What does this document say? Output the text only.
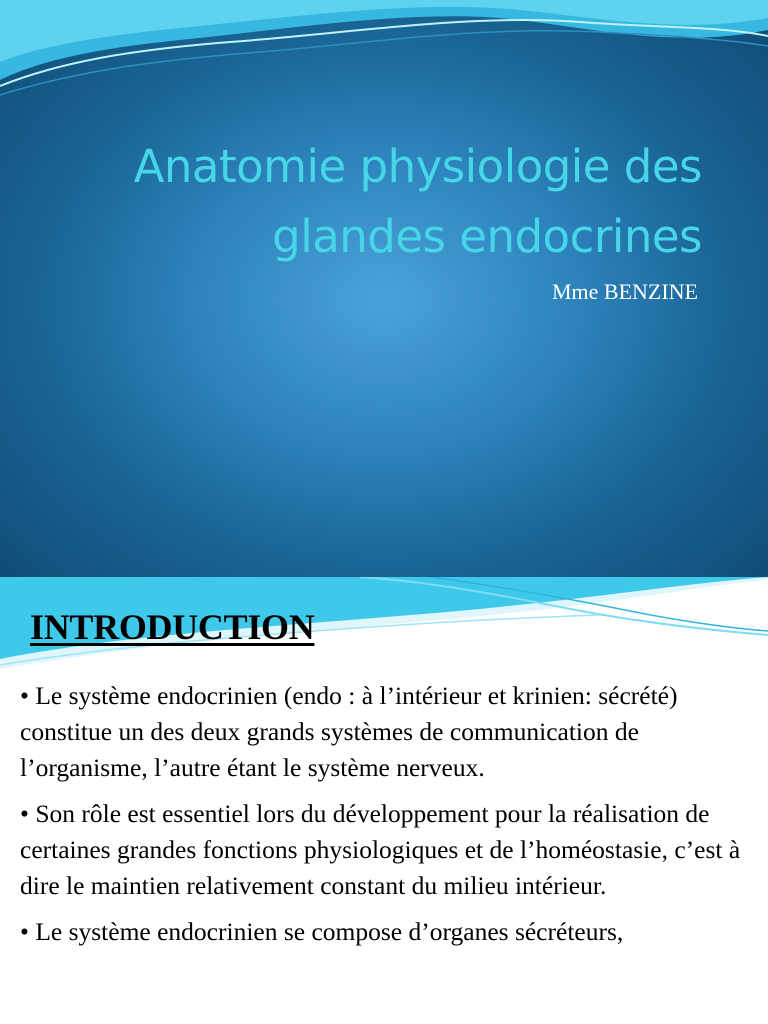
Anatomie physiologie des
glandes endocrines
Mme BENZINE
INTRODUCTION
• Le système endocrinien (endo : à l’intérieur et krinien: sécrété) constitue un des deux grands systèmes de communication de l’organisme, l’autre étant le système nerveux.
• Son rôle est essentiel lors du développement pour la réalisation de certaines grandes fonctions physiologiques et de l’homéostasie, c’est à dire le maintien relativement constant du milieu intérieur.
• Le système endocrinien se compose d’organes sécréteurs,
